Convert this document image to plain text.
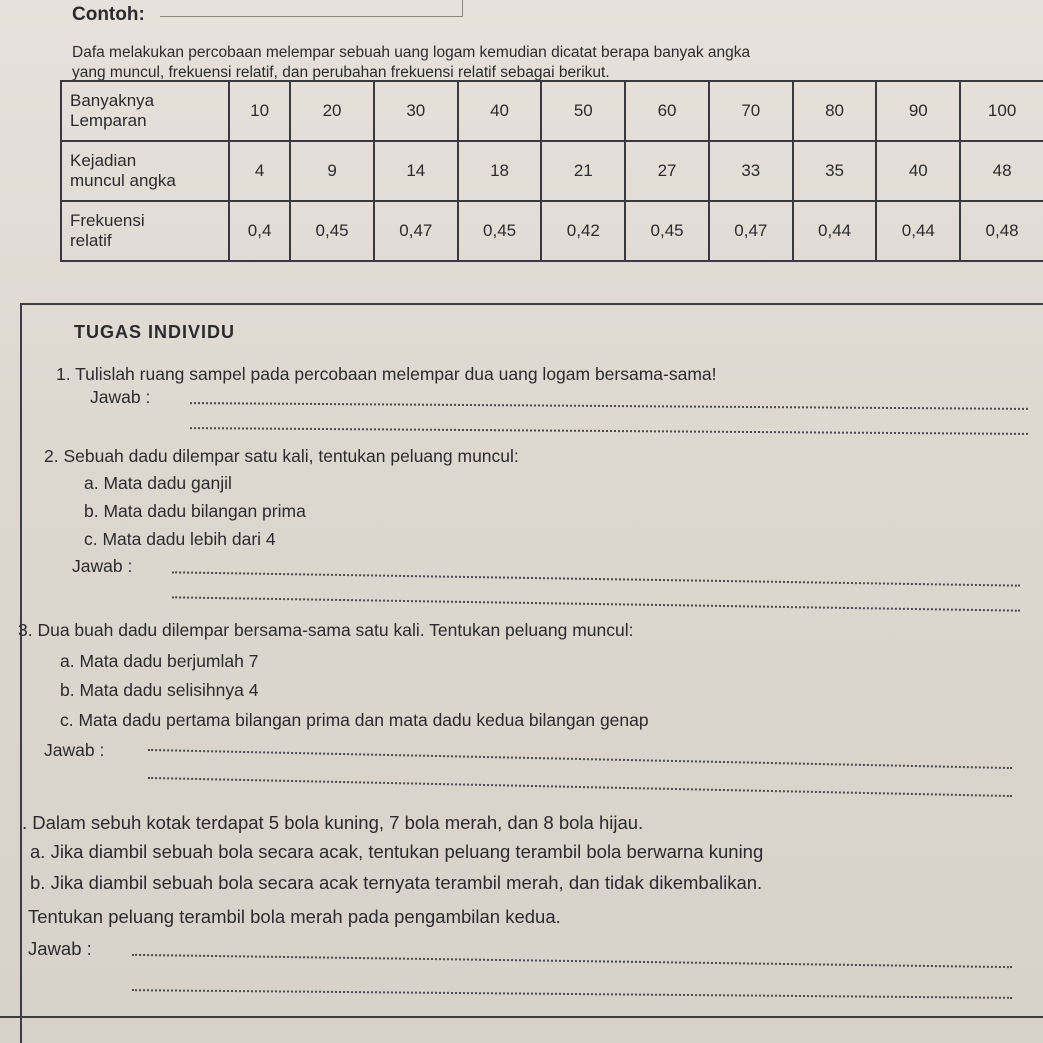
Contoh:
Dafa melakukan percobaan melempar sebuah uang logam kemudian dicatat berapa banyak angka
yang muncul, frekuensi relatif, dan perubahan frekuensi relatif sebagai berikut.
Banyaknya
Lemparan	10	20	30	40	50	60	70	80	90	100

Kejadian
muncul angka	4	9	14	18	21	27	33	35	40	48

Frekuensi
relatif	0,4	0,45	0,47	0,45	0,42	0,45	0,47	0,44	0,44	0,48
TUGAS INDIVIDU
1. Tulislah ruang sampel pada percobaan melempar dua uang logam bersama-sama!
Jawab :
2. Sebuah dadu dilempar satu kali, tentukan peluang muncul:
a. Mata dadu ganjil
b. Mata dadu bilangan prima
c. Mata dadu lebih dari 4
Jawab :
3. Dua buah dadu dilempar bersama-sama satu kali. Tentukan peluang muncul:
a. Mata dadu berjumlah 7
b. Mata dadu selisihnya 4
c. Mata dadu pertama bilangan prima dan mata dadu kedua bilangan genap
Jawab :
. Dalam sebuh kotak terdapat 5 bola kuning, 7 bola merah, dan 8 bola hijau.
a. Jika diambil sebuah bola secara acak, tentukan peluang terambil bola berwarna kuning
b. Jika diambil sebuah bola secara acak ternyata terambil merah, dan tidak dikembalikan.
Tentukan peluang terambil bola merah pada pengambilan kedua.
Jawab :
